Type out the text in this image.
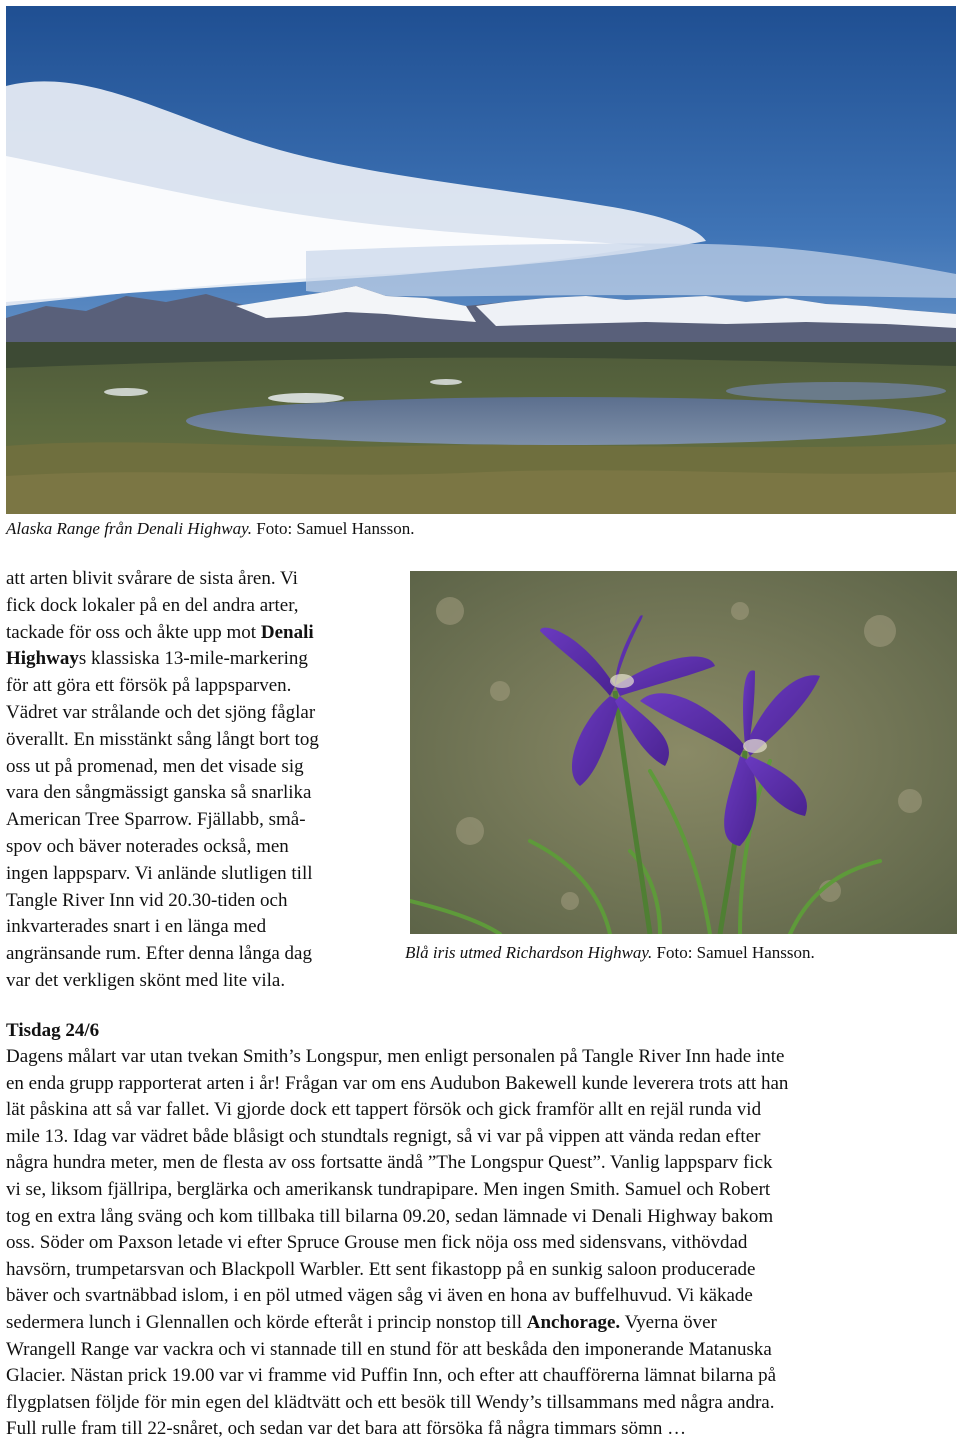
Alaska Range från Denali Highway. Foto: Samuel Hansson.
att arten blivit svårare de sista åren. Vi
fick dock lokaler på en del andra arter,
tackade för oss och åkte upp mot Denali
Highways klassiska 13-mile-markering
för att göra ett försök på lappsparven.
Vädret var strålande och det sjöng fåglar
överallt. En misstänkt sång långt bort tog
oss ut på promenad, men det visade sig
vara den sångmässigt ganska så snarlika
American Tree Sparrow. Fjällabb, små-
spov och bäver noterades också, men
ingen lappsparv. Vi anlände slutligen till
Tangle River Inn vid 20.30-tiden och
inkvarterades snart i en länga med
angränsande rum. Efter denna långa dag
var det verkligen skönt med lite vila.
Blå iris utmed Richardson Highway. Foto: Samuel Hansson.
Tisdag 24/6
Dagens målart var utan tvekan Smith’s Longspur, men enligt personalen på Tangle River Inn hade inte
en enda grupp rapporterat arten i år! Frågan var om ens Audubon Bakewell kunde leverera trots att han
lät påskina att så var fallet. Vi gjorde dock ett tappert försök och gick framför allt en rejäl runda vid
mile 13. Idag var vädret både blåsigt och stundtals regnigt, så vi var på vippen att vända redan efter
några hundra meter, men de flesta av oss fortsatte ändå ”The Longspur Quest”. Vanlig lappsparv fick
vi se, liksom fjällripa, berglärka och amerikansk tundrapipare. Men ingen Smith. Samuel och Robert
tog en extra lång sväng och kom tillbaka till bilarna 09.20, sedan lämnade vi Denali Highway bakom
oss. Söder om Paxson letade vi efter Spruce Grouse men fick nöja oss med sidensvans, vithövdad
havsörn, trumpetarsvan och Blackpoll Warbler. Ett sent fikastopp på en sunkig saloon producerade
bäver och svartnäbbad islom, i en pöl utmed vägen såg vi även en hona av buffelhuvud. Vi käkade
sedermera lunch i Glennallen och körde efteråt i princip nonstop till Anchorage. Vyerna över
Wrangell Range var vackra och vi stannade till en stund för att beskåda den imponerande Matanuska
Glacier. Nästan prick 19.00 var vi framme vid Puffin Inn, och efter att chaufförerna lämnat bilarna på
flygplatsen följde för min egen del klädtvätt och ett besök till Wendy’s tillsammans med några andra.
Full rulle fram till 22-snåret, och sedan var det bara att försöka få några timmars sömn …
